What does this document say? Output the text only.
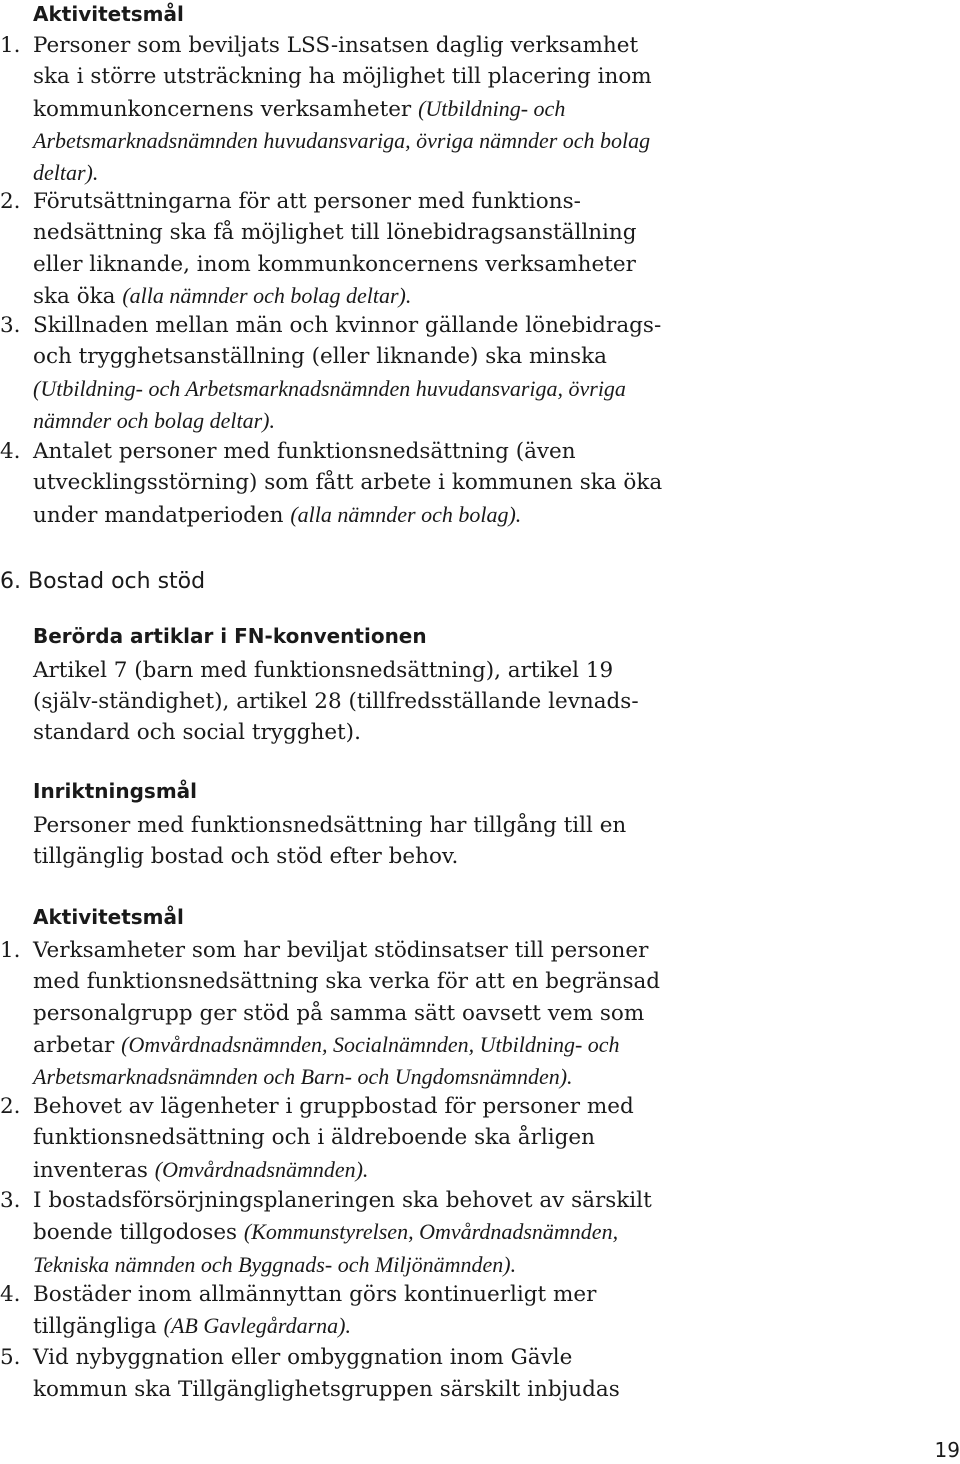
Aktivitetsmål
1. Personer som beviljats LSS-insatsen daglig verksamhet ska i större utsträckning ha möjlighet till placering inom kommunkoncernens verksamheter (Utbildning- och Arbetsmarknadsnämnden huvudansvariga, övriga nämnder och bolag deltar).
2. Förutsättningarna för att personer med funktionsnedsättning ska få möjlighet till lönebidragsanställning eller liknande, inom kommunkoncernens verksamheter ska öka (alla nämnder och bolag deltar).
3. Skillnaden mellan män och kvinnor gällande lönebidrags- och trygghetsanställning (eller liknande) ska minska (Utbildning- och Arbetsmarknadsnämnden huvudansvariga, övriga nämnder och bolag deltar).
4. Antalet personer med funktionsnedsättning (även utvecklingsstörning) som fått arbete i kommunen ska öka under mandatperioden (alla nämnder och bolag).
6. Bostad och stöd
Berörda artiklar i FN-konventionen
Artikel 7 (barn med funktionsnedsättning), artikel 19 (själv-ständighet), artikel 28 (tillfredsställande levnadsstandard och social trygghet).
Inriktningsmål
Personer med funktionsnedsättning har tillgång till en tillgänglig bostad och stöd efter behov.
Aktivitetsmål
1. Verksamheter som har beviljat stödinsatser till personer med funktionsnedsättning ska verka för att en begränsad personalgrupp ger stöd på samma sätt oavsett vem som arbetar (Omvårdnadsnämnden, Socialnämnden, Utbildning- och Arbetsmarknadsnämnden och Barn- och Ungdomsnämnden).
2. Behovet av lägenheter i gruppbostad för personer med funktionsnedsättning och i äldreboende ska årligen inventeras (Omvårdnadsnämnden).
3. I bostadsförsörjningsplaneringen ska behovet av särskilt boende tillgodoses (Kommunstyrelsen, Omvårdnadsnämnden, Tekniska nämnden och Byggnads- och Miljönämnden).
4. Bostäder inom allmännyttan görs kontinuerligt mer tillgängliga (AB Gavlegårdarna).
5. Vid nybyggnation eller ombyggnation inom Gävle kommun ska Tillgänglighetsgruppen särskilt inbjudas
19
